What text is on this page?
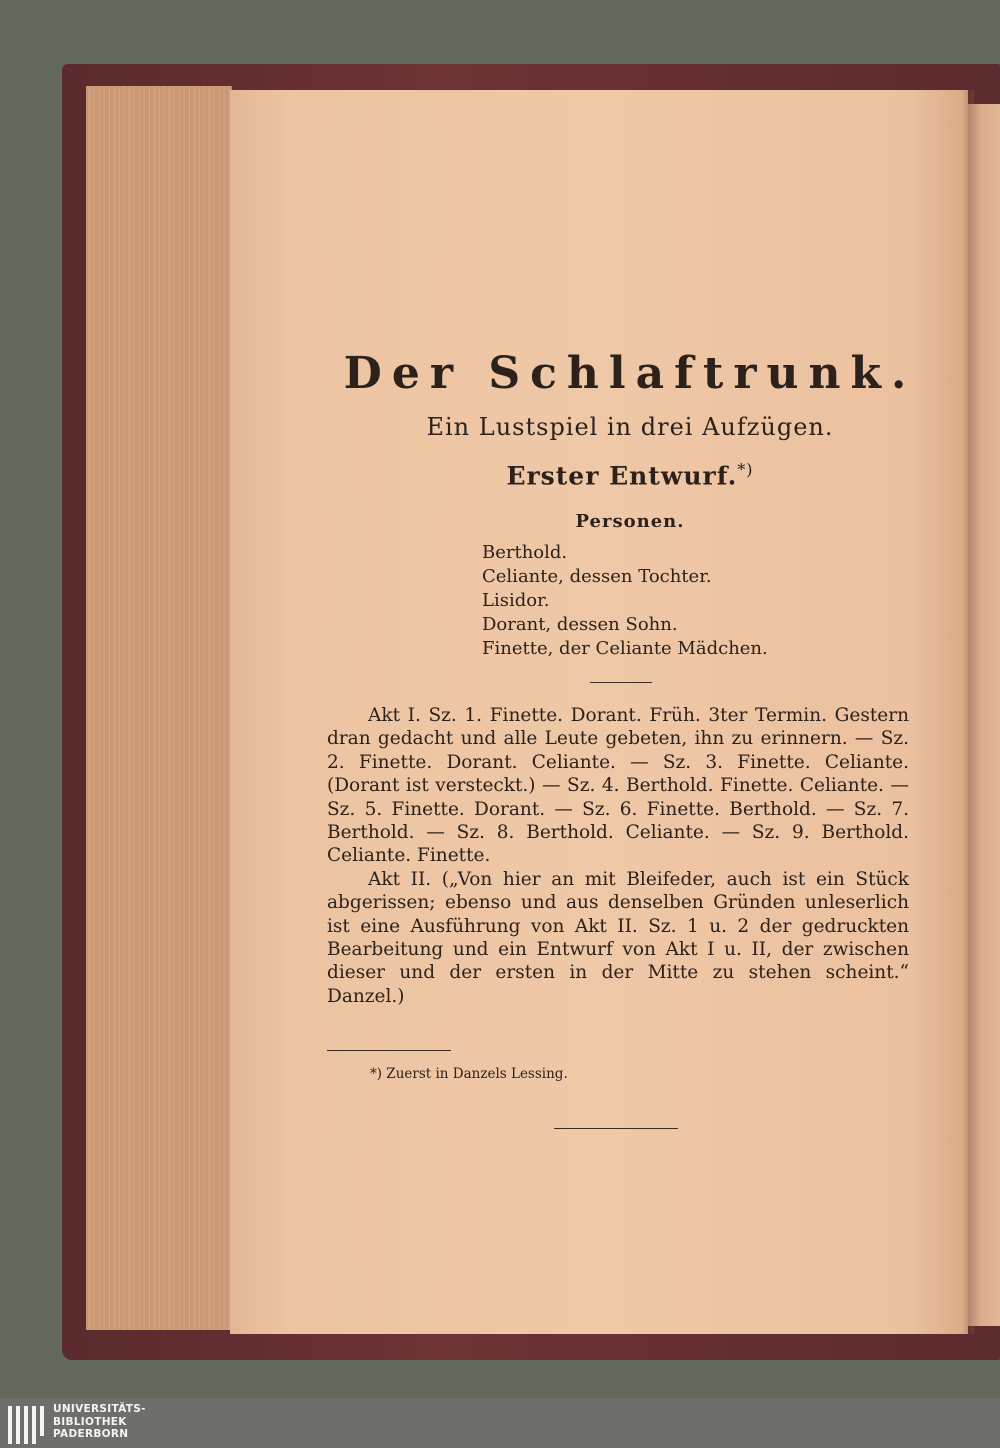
Der Schlaftrunk.
Ein Lustspiel in drei Aufzügen.
Erster Entwurf.*)
Personen.
Berthold.
Celiante, dessen Tochter.
Lisidor.
Dorant, dessen Sohn.
Finette, der Celiante Mädchen.

Akt I. Sz. 1. Finette. Dorant. Früh. 3ter Termin. Gestern dran gedacht und alle Leute gebeten, ihn zu erinnern. — Sz. 2. Finette. Dorant. Celiante. — Sz. 3. Finette. Celiante. (Dorant ist versteckt.) — Sz. 4. Berthold. Finette. Celiante. — Sz. 5. Finette. Dorant. — Sz. 6. Finette. Berthold. — Sz. 7. Berthold. — Sz. 8. Berthold. Celiante. — Sz. 9. Berthold. Celiante. Finette.

Akt II. („Von hier an mit Bleifeder, auch ist ein Stück abgerissen; ebenso und aus denselben Gründen unleserlich ist eine Ausführung von Akt II. Sz. 1 u. 2 der gedruckten Bearbeitung und ein Entwurf von Akt I u. II, der zwischen dieser und der ersten in der Mitte zu stehen scheint.“ Danzel.)

*) Zuerst in Danzels Lessing.
UNIVERSITÄTS-
BIBLIOTHEK
PADERBORN
